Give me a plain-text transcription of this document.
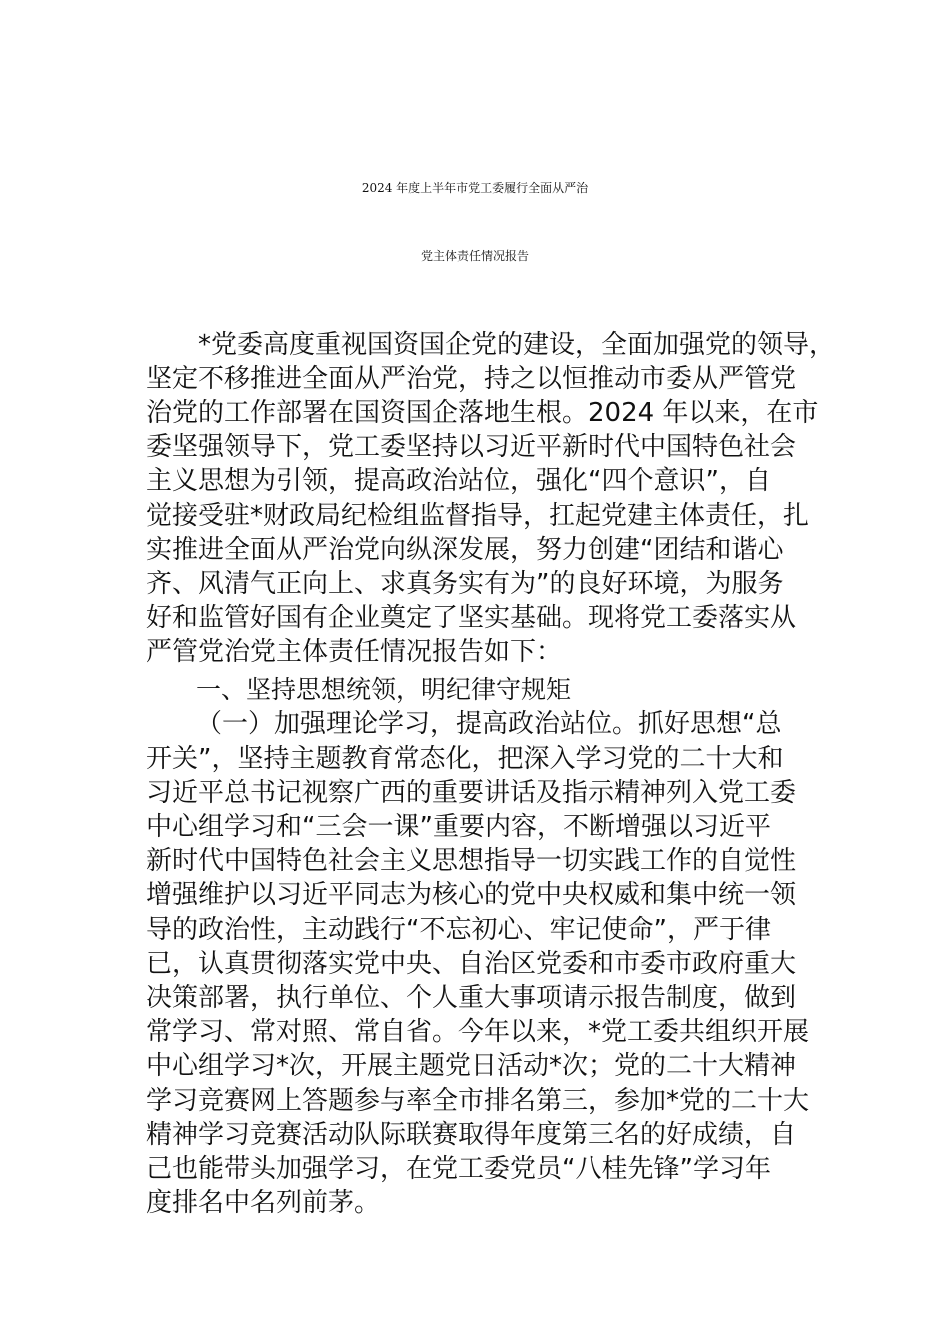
2024 年度上半年市党工委履行全面从严治
党主体责任情况报告
*党委高度重视国资国企党的建设，全面加强党的领导，
坚定不移推进全面从严治党，持之以恒推动市委从严管党
治党的工作部署在国资国企落地生根。2024 年以来，在市
委坚强领导下，党工委坚持以习近平新时代中国特色社会
主义思想为引领，提高政治站位，强化“四个意识”，自
觉接受驻*财政局纪检组监督指导，扛起党建主体责任，扎
实推进全面从严治党向纵深发展，努力创建“团结和谐心
齐、风清气正向上、求真务实有为”的良好环境，为服务
好和监管好国有企业奠定了坚实基础。现将党工委落实从
严管党治党主体责任情况报告如下：
一、坚持思想统领，明纪律守规矩
（一）加强理论学习，提高政治站位。抓好思想“总
开关”，坚持主题教育常态化，把深入学习党的二十大和
习近平总书记视察广西的重要讲话及指示精神列入党工委
中心组学习和“三会一课”重要内容，不断增强以习近平
新时代中国特色社会主义思想指导一切实践工作的自觉性
增强维护以习近平同志为核心的党中央权威和集中统一领
导的政治性，主动践行“不忘初心、牢记使命”，严于律
已，认真贯彻落实党中央、自治区党委和市委市政府重大
决策部署，执行单位、个人重大事项请示报告制度，做到
常学习、常对照、常自省。今年以来，*党工委共组织开展
中心组学习*次，开展主题党日活动*次；党的二十大精神
学习竞赛网上答题参与率全市排名第三，参加*党的二十大
精神学习竞赛活动队际联赛取得年度第三名的好成绩，自
己也能带头加强学习，在党工委党员“八桂先锋”学习年
度排名中名列前茅。
